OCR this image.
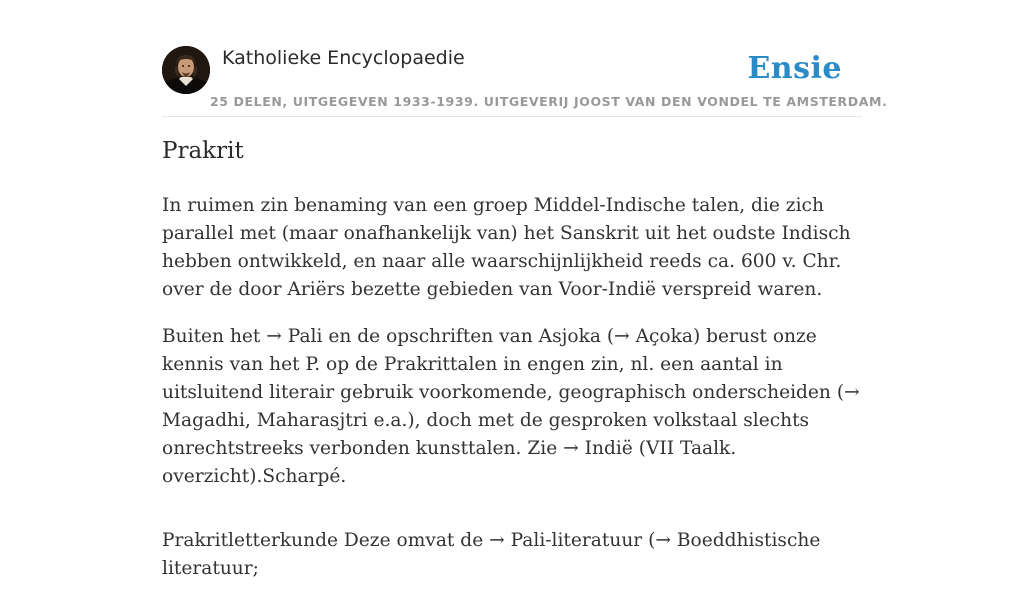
Katholieke Encyclopaedie	Ensie
25 DELEN, UITGEGEVEN 1933-1939. UITGEVERIJ JOOST VAN DEN VONDEL TE AMSTERDAM.
Prakrit

In ruimen zin benaming van een groep Middel-Indische talen, die zich parallel met (maar onafhankelijk van) het Sanskrit uit het oudste Indisch hebben ontwikkeld, en naar alle waarschijnlijkheid reeds ca. 600 v. Chr. over de door Ariërs bezette gebieden van Voor-Indië verspreid waren.

Buiten het → Pali en de opschriften van Asjoka (→ Açoka) berust onze kennis van het P. op de Prakrittalen in engen zin, nl. een aantal in uitsluitend literair gebruik voorkomende, geographisch onderscheiden (→ Magadhi, Maharasjtri e.a.), doch met de gesproken volkstaal slechts onrechtstreeks verbonden kunsttalen. Zie → Indië (VII Taalk. overzicht).Scharpé.

Prakritletterkunde Deze omvat de → Pali-literatuur (→ Boeddhistische literatuur;
